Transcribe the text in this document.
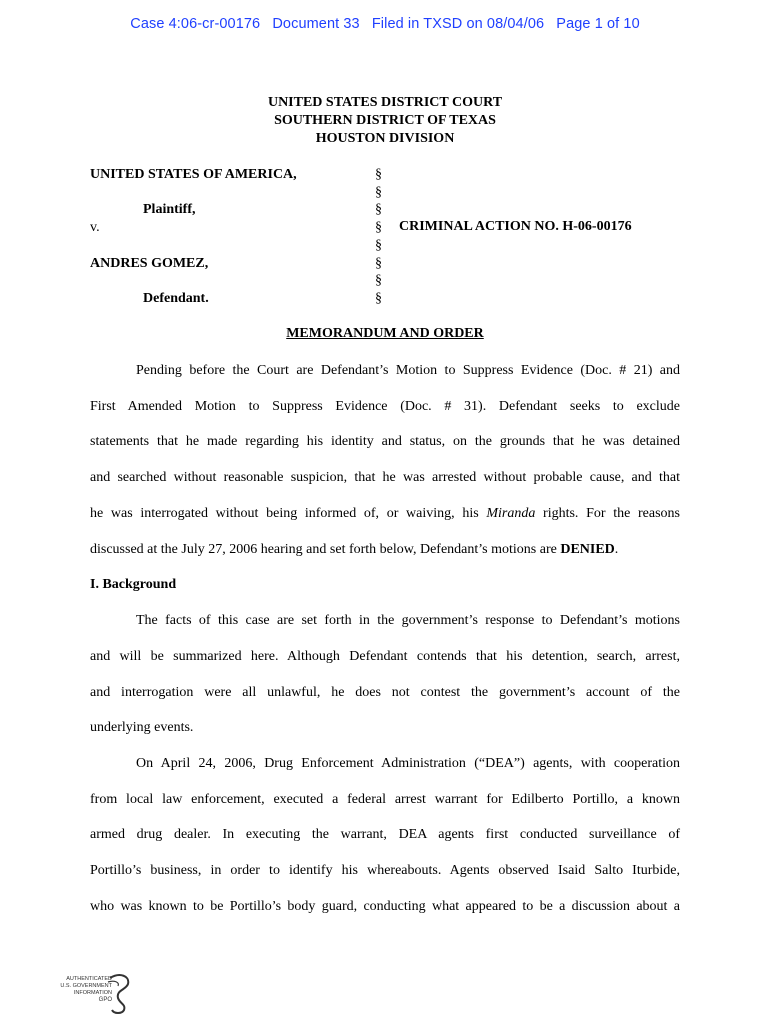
Case 4:06-cr-00176 Document 33 Filed in TXSD on 08/04/06 Page 1 of 10
UNITED STATES DISTRICT COURT
SOUTHERN DISTRICT OF TEXAS
HOUSTON DIVISION
UNITED STATES OF AMERICA,
Plaintiff,
v.
ANDRES GOMEZ,
Defendant.
§
§
§
§
§
§
§
§
CRIMINAL ACTION NO. H-06-00176
MEMORANDUM AND ORDER
Pending before the Court are Defendant’s Motion to Suppress Evidence (Doc. # 21) and
First Amended Motion to Suppress Evidence (Doc. # 31). Defendant seeks to exclude
statements that he made regarding his identity and status, on the grounds that he was detained
and searched without reasonable suspicion, that he was arrested without probable cause, and that
he was interrogated without being informed of, or waiving, his Miranda rights. For the reasons
discussed at the July 27, 2006 hearing and set forth below, Defendant’s motions are DENIED.
I. Background
The facts of this case are set forth in the government’s response to Defendant’s motions
and will be summarized here. Although Defendant contends that his detention, search, arrest,
and interrogation were all unlawful, he does not contest the government’s account of the
underlying events.
On April 24, 2006, Drug Enforcement Administration (“DEA”) agents, with cooperation
from local law enforcement, executed a federal arrest warrant for Edilberto Portillo, a known
armed drug dealer. In executing the warrant, DEA agents first conducted surveillance of
Portillo’s business, in order to identify his whereabouts. Agents observed Isaid Salto Iturbide,
who was known to be Portillo’s body guard, conducting what appeared to be a discussion about a
AUTHENTICATED
U.S. GOVERNMENT
INFORMATION
GPO
